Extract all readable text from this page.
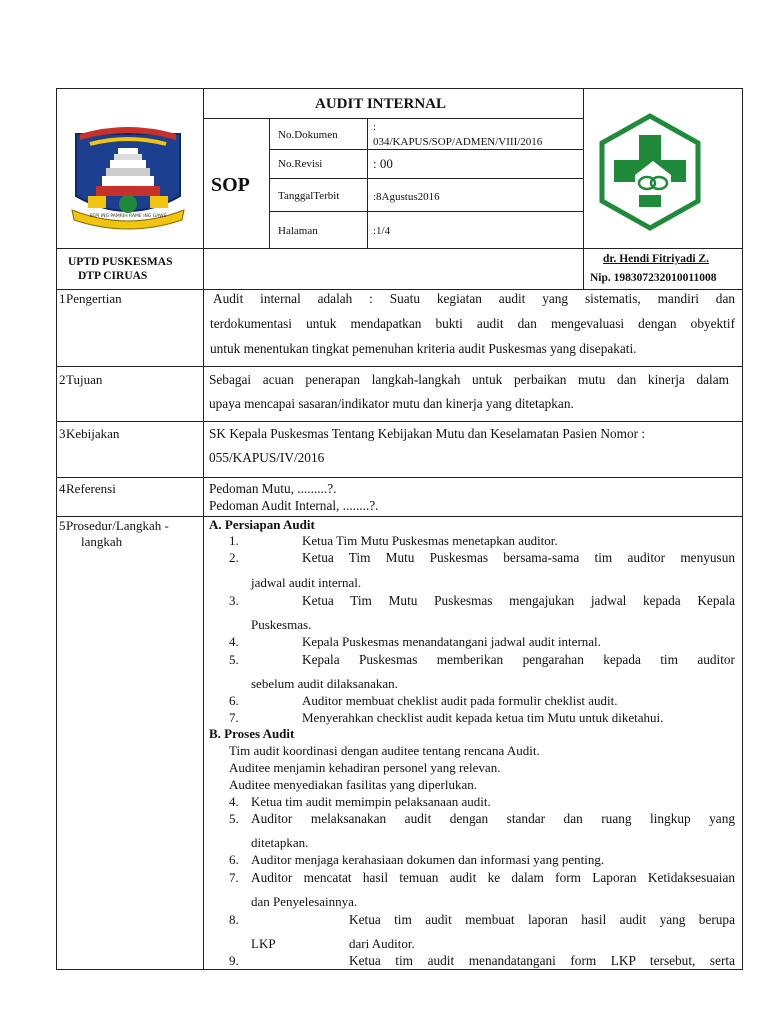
SEPI ING PAMRIH RAME ING GAWE
AUDIT INTERNAL
SOP
No.Dokumen
:
034/KAPUS/SOP/ADMEN/VIII/2016
No.Revisi	: 00
TanggalTerbit	:8Agustus2016
Halaman	:1/4
UPTD PUSKESMAS
DTP CIRUAS
dr. Hendi Fitriyadi Z.
Nip. 198307232010011008
1 Pengertian	Audit internal adalah : Suatu kegiatan audit yang sistematis, mandiri dan
terdokumentasi untuk mendapatkan bukti audit dan mengevaluasi dengan obyektif
untuk menentukan tingkat pemenuhan kriteria audit Puskesmas yang disepakati.
2 Tujuan	Sebagai acuan penerapan langkah-langkah untuk perbaikan mutu dan kinerja dalam
upaya mencapai sasaran/indikator mutu dan kinerja yang ditetapkan.
3 Kebijakan	SK Kepala Puskesmas Tentang Kebijakan Mutu dan Keselamatan Pasien Nomor :
055/KAPUS/IV/2016
4 Referensi	Pedoman Mutu, .........?.
Pedoman Audit Internal, ........?.
5 Prosedur/Langkah -
langkah
A. Persiapan Audit
1.	Ketua Tim Mutu Puskesmas menetapkan auditor.
2.	Ketua Tim Mutu Puskesmas bersama-sama tim auditor menyusun
jadwal audit internal.
3.	Ketua Tim Mutu Puskesmas mengajukan jadwal kepada Kepala
Puskesmas.
4.	Kepala Puskesmas menandatangani jadwal audit internal.
5.	Kepala Puskesmas memberikan pengarahan kepada tim auditor
sebelum audit dilaksanakan.
6.	Auditor membuat cheklist audit pada formulir cheklist audit.
7.	Menyerahkan checklist audit kepada ketua tim Mutu untuk diketahui.
B. Proses Audit
Tim audit koordinasi dengan auditee tentang rencana Audit.
Auditee menjamin kehadiran personel yang relevan.
Auditee menyediakan fasilitas yang diperlukan.
4. Ketua tim audit memimpin pelaksanaan audit.
5. Auditor melaksanakan audit dengan standar dan ruang lingkup yang
ditetapkan.
6. Auditor menjaga kerahasiaan dokumen dan informasi yang penting.
7. Auditor mencatat hasil temuan audit ke dalam form Laporan Ketidaksesuaian
dan Penyelesainnya.
8.	Ketua tim audit membuat laporan hasil audit yang berupa
LKP	dari Auditor.
9.	Ketua tim audit menandatangani form LKP tersebut, serta
